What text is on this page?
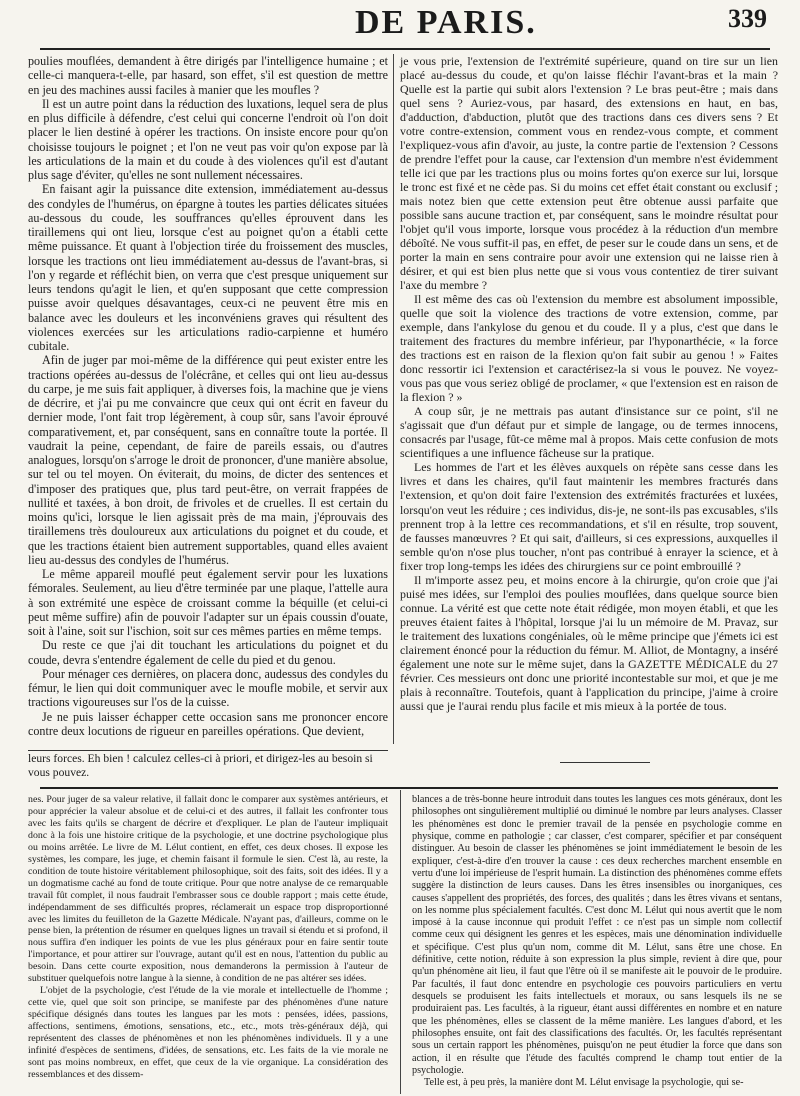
DE PARIS.	339

poulies mouflées, demandent à être dirigés par l'intelligence humaine ; et celle-ci manquera-t-elle, par hasard, son effet, s'il est question de mettre en jeu des machines aussi faciles à manier que les moufles ?

Il est un autre point dans la réduction des luxations, lequel sera de plus en plus difficile à défendre, c'est celui qui concerne l'endroit où l'on doit placer le lien destiné à opérer les tractions. On insiste encore pour qu'on choisisse toujours le poignet ; et l'on ne veut pas voir qu'on expose par là les articulations de la main et du coude à des violences qu'il est d'autant plus sage d'éviter, qu'elles ne sont nullement nécessaires.

En faisant agir la puissance dite extension, immédiatement au-dessus des condyles de l'humérus, on épargne à toutes les parties délicates situées au-dessous du coude, les souffrances qu'elles éprouvent dans les tiraillemens qui ont lieu, lorsque c'est au poignet qu'on a établi cette même puissance. Et quant à l'objection tirée du froissement des muscles, lorsque les tractions ont lieu immédiatement au-dessus de l'avant-bras, si l'on y regarde et réfléchit bien, on verra que c'est presque uniquement sur leurs tendons qu'agit le lien, et qu'en supposant que cette compression puisse avoir quelques désavantages, ceux-ci ne peuvent être mis en balance avec les douleurs et les inconvéniens graves qui résultent des violences exercées sur les articulations radio-carpienne et huméro cubitale.

Afin de juger par moi-même de la différence qui peut exister entre les tractions opérées au-dessus de l'olécrâne, et celles qui ont lieu au-dessus du carpe, je me suis fait appliquer, à diverses fois, la machine que je viens de décrire, et j'ai pu me convaincre que ceux qui ont écrit en faveur du dernier mode, l'ont fait trop légèrement, à coup sûr, sans l'avoir éprouvé comparativement, et, par conséquent, sans en connaître toute la portée. Il vaudrait la peine, cependant, de faire de pareils essais, ou d'autres analogues, lorsqu'on s'arroge le droit de prononcer, d'une manière absolue, sur tel ou tel moyen. On éviterait, du moins, de dicter des sentences et d'imposer des pratiques que, plus tard peut-être, on verrait frappées de nullité et taxées, à bon droit, de frivoles et de cruelles. Il est certain du moins qu'ici, lorsque le lien agissait près de ma main, j'éprouvais des tiraillemens très douloureux aux articulations du poignet et du coude, et que les tractions étaient bien autrement supportables, quand elles avaient lieu au-dessus des condyles de l'humérus.

Le même appareil mouflé peut également servir pour les luxations fémorales. Seulement, au lieu d'être terminée par une plaque, l'attelle aura à son extrémité une espèce de croissant comme la béquille (et celui-ci peut même suffire) afin de pouvoir l'adapter sur un épais coussin d'ouate, soit à l'aine, soit sur l'ischion, soit sur ces mêmes parties en même temps.

Du reste ce que j'ai dit touchant les articulations du poignet et du coude, devra s'entendre également de celle du pied et du genou.

Pour ménager ces dernières, on placera donc, audessus des condyles du fémur, le lien qui doit communiquer avec le moufle mobile, et servir aux tractions vigoureuses sur l'os de la cuisse.

Je ne puis laisser échapper cette occasion sans me prononcer encore contre deux locutions de rigueur en pareilles opérations. Que devient,

je vous prie, l'extension de l'extrémité supérieure, quand on tire sur un lien placé au-dessus du coude, et qu'on laisse fléchir l'avant-bras et la main ? Quelle est la partie qui subit alors l'extension ? Le bras peut-être ; mais dans quel sens ? Auriez-vous, par hasard, des extensions en haut, en bas, d'adduction, d'abduction, plutôt que des tractions dans ces divers sens ? Et votre contre-extension, comment vous en rendez-vous compte, et comment l'expliquez-vous afin d'avoir, au juste, la contre partie de l'extension ? Cessons de prendre l'effet pour la cause, car l'extension d'un membre n'est évidemment telle ici que par les tractions plus ou moins fortes qu'on exerce sur lui, lorsque le tronc est fixé et ne cède pas. Si du moins cet effet était constant ou exclusif ; mais notez bien que cette extension peut être obtenue aussi parfaite que possible sans aucune traction et, par conséquent, sans le moindre résultat pour l'objet qu'il vous importe, lorsque vous procédez à la réduction d'un membre déboîté. Ne vous suffit-il pas, en effet, de peser sur le coude dans un sens, et de porter la main en sens contraire pour avoir une extension qui ne laisse rien à désirer, et qui est bien plus nette que si vous vous contentiez de tirer suivant l'axe du membre ?

Il est même des cas où l'extension du membre est absolument impossible, quelle que soit la violence des tractions de votre extension, comme, par exemple, dans l'ankylose du genou et du coude. Il y a plus, c'est que dans le traitement des fractures du membre inférieur, par l'hyponarthécie, « la force des tractions est en raison de la flexion qu'on fait subir au genou ! » Faites donc ressortir ici l'extension et caractérisez-la si vous le pouvez. Ne voyez-vous pas que vous seriez obligé de proclamer, « que l'extension est en raison de la flexion ? »

A coup sûr, je ne mettrais pas autant d'insistance sur ce point, s'il ne s'agissait que d'un défaut pur et simple de langage, ou de termes innocens, consacrés par l'usage, fût-ce même mal à propos. Mais cette confusion de mots scientifiques a une influence fâcheuse sur la pratique.

Les hommes de l'art et les élèves auxquels on répète sans cesse dans les livres et dans les chaires, qu'il faut maintenir les membres fracturés dans l'extension, et qu'on doit faire l'extension des extrémités fracturées et luxées, lorsqu'on veut les réduire ; ces individus, dis-je, ne sont-ils pas excusables, s'ils prennent trop à la lettre ces recommandations, et s'il en résulte, trop souvent, de fausses manœuvres ? Et qui sait, d'ailleurs, si ces expressions, auxquelles il semble qu'on n'ose plus toucher, n'ont pas contribué à enrayer la science, et à fixer trop long-temps les idées des chirurgiens sur ce point embrouillé ?

Il m'importe assez peu, et moins encore à la chirurgie, qu'on croie que j'ai puisé mes idées, sur l'emploi des poulies mouflées, dans quelque source bien connue. La vérité est que cette note était rédigée, mon moyen établi, et que les preuves étaient faites à l'hôpital, lorsque j'ai lu un mémoire de M. Pravaz, sur le traitement des luxations congéniales, où le même principe que j'émets ici est clairement énoncé pour la réduction du fémur. M. Alliot, de Montagny, a inséré également une note sur le même sujet, dans la GAZETTE MÉDICALE du 27 février. Ces messieurs ont donc une priorité incontestable sur moi, et que je me plais à reconnaître. Toutefois, quant à l'application du principe, j'aime à croire aussi que je l'aurai rendu plus facile et mis mieux à la portée de tous.

leurs forces. Eh bien ! calculez celles-ci à priori, et dirigez-les au besoin si vous pouvez.

nes. Pour juger de sa valeur relative, il fallait donc le comparer aux systèmes antérieurs, et pour apprécier la valeur absolue et de celui-ci et des autres, il fallait les confronter tous avec les faits qu'ils se chargent de décrire et d'expliquer. Le plan de l'auteur impliquait donc à la fois une histoire critique de la psychologie, et une doctrine psychologique plus ou moins arrêtée. Le livre de M. Lélut contient, en effet, ces deux choses. Il expose les systèmes, les compare, les juge, et chemin faisant il formule le sien. C'est là, au reste, la condition de toute histoire véritablement philosophique, soit des faits, soit des idées. Il y a un dogmatisme caché au fond de toute critique. Pour que notre analyse de ce remarquable travail fût complet, il nous faudrait l'embrasser sous ce double rapport ; mais cette étude, indépendamment de ses difficultés propres, réclamerait un espace trop disproportionné avec les limites du feuilleton de la Gazette Médicale. N'ayant pas, d'ailleurs, comme on le pense bien, la prétention de résumer en quelques lignes un travail si étendu et si profond, il nous suffira d'en indiquer les points de vue les plus généraux pour en faire sentir toute l'importance, et pour attirer sur l'ouvrage, autant qu'il est en nous, l'attention du public au besoin. Dans cette courte exposition, nous demanderons la permission à l'auteur de substituer quelquefois notre langue à la sienne, à condition de ne pas altérer ses idées.

L'objet de la psychologie, c'est l'étude de la vie morale et intellectuelle de l'homme ; cette vie, quel que soit son principe, se manifeste par des phénomènes d'une nature spécifique désignés dans toutes les langues par les mots : pensées, idées, passions, affections, sentimens, émotions, sensations, etc., etc., mots très-généraux déjà, qui représentent des classes de phénomènes et non les phénomènes individuels. Il y a une infinité d'espèces de sentimens, d'idées, de sensations, etc. Les faits de la vie morale ne sont pas moins nombreux, en effet, que ceux de la vie organique. La considération des ressemblances et des dissem-

blances a de très-bonne heure introduit dans toutes les langues ces mots généraux, dont les philosophes ont singulièrement multiplié ou diminué le nombre par leurs analyses. Classer les phénomènes est donc le premier travail de la pensée en psychologie comme en physique, comme en pathologie ; car classer, c'est comparer, spécifier et par conséquent distinguer. Au besoin de classer les phénomènes se joint immédiatement le besoin de les expliquer, c'est-à-dire d'en trouver la cause : ces deux recherches marchent ensemble en vertu d'une loi impérieuse de l'esprit humain. La distinction des phénomènes comme effets suggère la distinction de leurs causes. Dans les êtres insensibles ou inorganiques, ces causes s'appellent des propriétés, des forces, des qualités ; dans les êtres vivans et sentans, on les nomme plus spécialement facultés. C'est donc M. Lélut qui nous avertit que le nom imposé à la cause inconnue qui produit l'effet : ce n'est pas un simple nom collectif comme ceux qui désignent les genres et les espèces, mais une dénomination individuelle et spécifique. C'est plus qu'un nom, comme dit M. Lélut, sans être une chose. En définitive, cette notion, réduite à son expression la plus simple, revient à dire que, pour qu'un phénomène ait lieu, il faut que l'être où il se manifeste ait le pouvoir de le produire. Par facultés, il faut donc entendre en psychologie ces pouvoirs particuliers en vertu desquels se produisent les faits intellectuels et moraux, ou sans lesquels ils ne se produiraient pas. Les facultés, à la rigueur, étant aussi différentes en nombre et en nature que les phénomènes, elles se classent de la même manière. Les langues d'abord, et les philosophes ensuite, ont fait des classifications des facultés. Or, les facultés représentant sous un certain rapport les phénomènes, puisqu'on ne peut étudier la force que dans son action, il en résulte que l'étude des facultés comprend le champ tout entier de la psychologie.

Telle est, à peu près, la manière dont M. Lélut envisage la psychologie, qui se-
